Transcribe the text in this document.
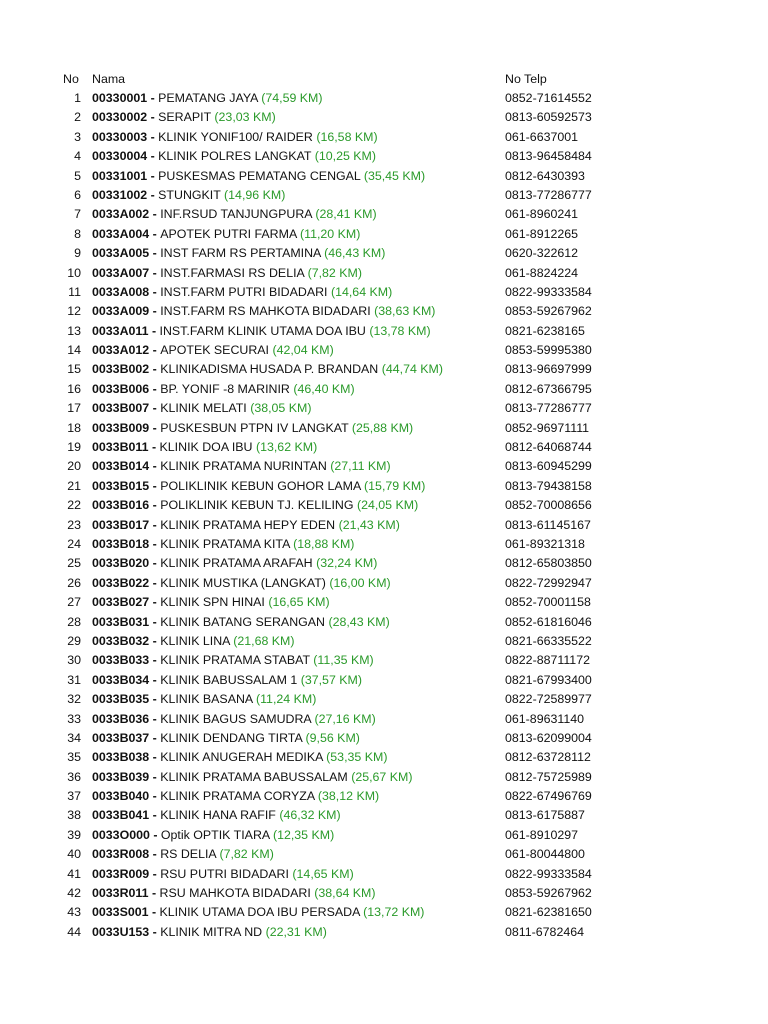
No Nama	No Telp
1 00330001 - PEMATANG JAYA (74,59 KM)	0852-71614552
2 00330002 - SERAPIT (23,03 KM)	0813-60592573
3 00330003 - KLINIK YONIF100/ RAIDER (16,58 KM)	061-6637001
4 00330004 - KLINIK POLRES LANGKAT (10,25 KM)	0813-96458484
5 00331001 - PUSKESMAS PEMATANG CENGAL (35,45 KM)	0812-6430393
6 00331002 - STUNGKIT (14,96 KM)	0813-77286777
7 0033A002 - INF.RSUD TANJUNGPURA (28,41 KM)	061-8960241
8 0033A004 - APOTEK PUTRI FARMA (11,20 KM)	061-8912265
9 0033A005 - INST FARM RS PERTAMINA (46,43 KM)	0620-322612
10 0033A007 - INST.FARMASI RS DELIA (7,82 KM)	061-8824224
11 0033A008 - INST.FARM PUTRI BIDADARI (14,64 KM)	0822-99333584
12 0033A009 - INST.FARM RS MAHKOTA BIDADARI (38,63 KM)	0853-59267962
13 0033A011 - INST.FARM KLINIK UTAMA DOA IBU (13,78 KM)	0821-6238165
14 0033A012 - APOTEK SECURAI (42,04 KM)	0853-59995380
15 0033B002 - KLINIKADISMA HUSADA P. BRANDAN (44,74 KM)	0813-96697999
16 0033B006 - BP. YONIF -8 MARINIR (46,40 KM)	0812-67366795
17 0033B007 - KLINIK MELATI (38,05 KM)	0813-77286777
18 0033B009 - PUSKESBUN PTPN IV LANGKAT (25,88 KM)	0852-96971111
19 0033B011 - KLINIK DOA IBU (13,62 KM)	0812-64068744
20 0033B014 - KLINIK PRATAMA NURINTAN (27,11 KM)	0813-60945299
21 0033B015 - POLIKLINIK KEBUN GOHOR LAMA (15,79 KM)	0813-79438158
22 0033B016 - POLIKLINIK KEBUN TJ. KELILING (24,05 KM)	0852-70008656
23 0033B017 - KLINIK PRATAMA HEPY EDEN (21,43 KM)	0813-61145167
24 0033B018 - KLINIK PRATAMA KITA (18,88 KM)	061-89321318
25 0033B020 - KLINIK PRATAMA ARAFAH (32,24 KM)	0812-65803850
26 0033B022 - KLINIK MUSTIKA (LANGKAT) (16,00 KM)	0822-72992947
27 0033B027 - KLINIK SPN HINAI (16,65 KM)	0852-70001158
28 0033B031 - KLINIK BATANG SERANGAN (28,43 KM)	0852-61816046
29 0033B032 - KLINIK LINA (21,68 KM)	0821-66335522
30 0033B033 - KLINIK PRATAMA STABAT (11,35 KM)	0822-88711172
31 0033B034 - KLINIK BABUSSALAM 1 (37,57 KM)	0821-67993400
32 0033B035 - KLINIK BASANA (11,24 KM)	0822-72589977
33 0033B036 - KLINIK BAGUS SAMUDRA (27,16 KM)	061-89631140
34 0033B037 - KLINIK DENDANG TIRTA (9,56 KM)	0813-62099004
35 0033B038 - KLINIK ANUGERAH MEDIKA (53,35 KM)	0812-63728112
36 0033B039 - KLINIK PRATAMA BABUSSALAM (25,67 KM)	0812-75725989
37 0033B040 - KLINIK PRATAMA CORYZA (38,12 KM)	0822-67496769
38 0033B041 - KLINIK HANA RAFIF (46,32 KM)	0813-6175887
39 0033O000 - Optik OPTIK TIARA (12,35 KM)	061-8910297
40 0033R008 - RS DELIA (7,82 KM)	061-80044800
41 0033R009 - RSU PUTRI BIDADARI (14,65 KM)	0822-99333584
42 0033R011 - RSU MAHKOTA BIDADARI (38,64 KM)	0853-59267962
43 0033S001 - KLINIK UTAMA DOA IBU PERSADA (13,72 KM)	0821-62381650
44 0033U153 - KLINIK MITRA ND (22,31 KM)	0811-6782464
